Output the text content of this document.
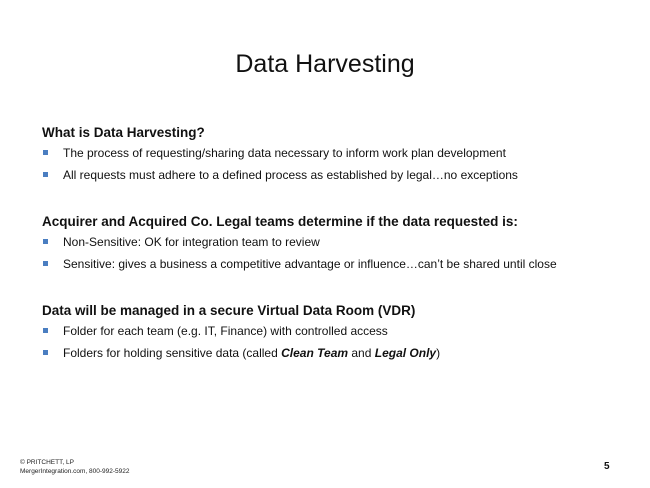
Data Harvesting
What is Data Harvesting?
The process of requesting/sharing data necessary to inform work plan development
All requests must adhere to a defined process as established by legal…no exceptions
Acquirer and Acquired Co. Legal teams determine if the data requested is:
Non-Sensitive: OK for integration team to review
Sensitive: gives a business a competitive advantage or influence…can’t be shared until close
Data will be managed in a secure Virtual Data Room (VDR)
Folder for each team (e.g. IT, Finance) with controlled access
Folders for holding sensitive data (called Clean Team and Legal Only)
© PRITCHETT, LP
MergerIntegration.com, 800-992-5922	5
